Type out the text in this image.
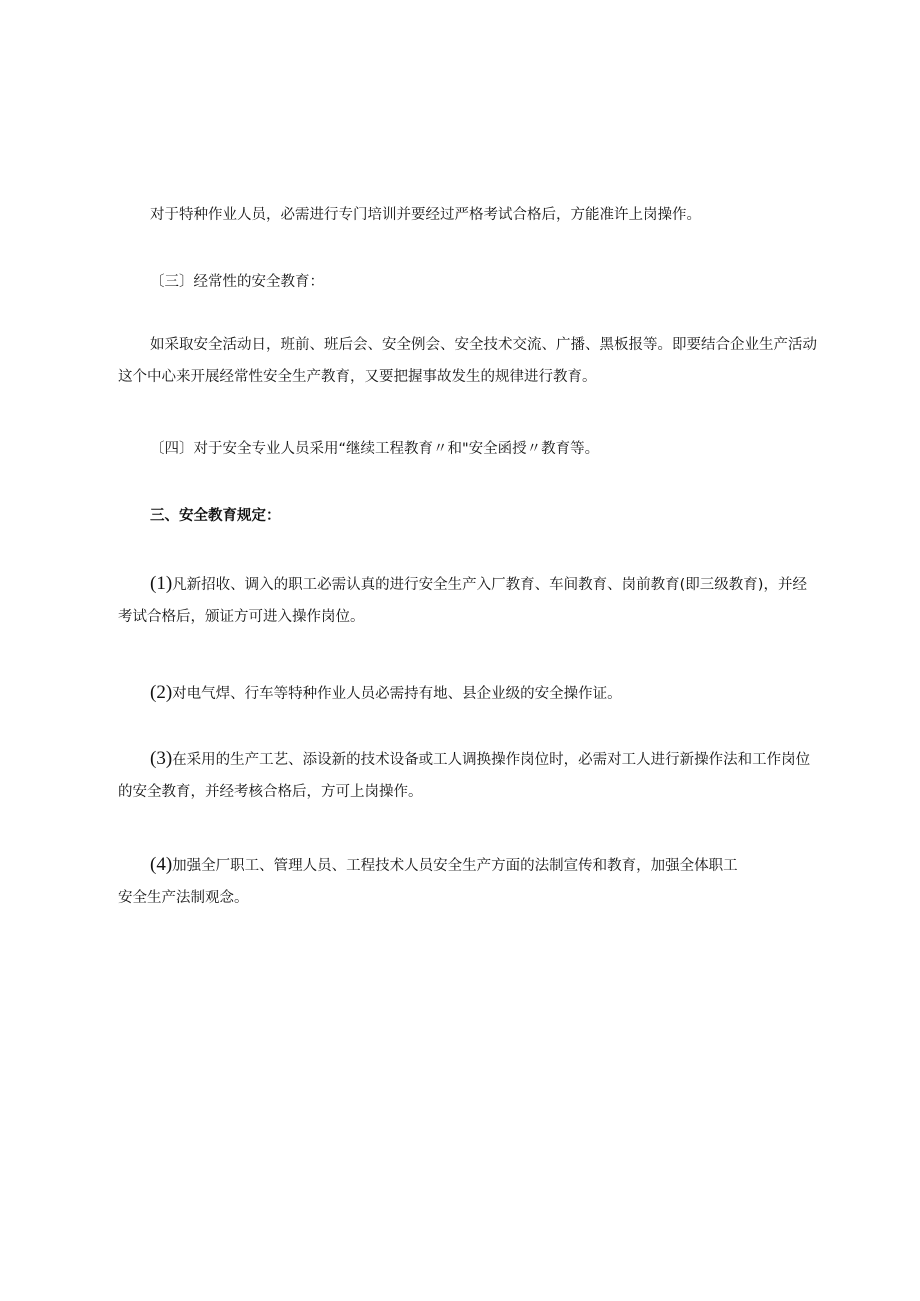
对于特种作业人员，必需进行专门培训并要经过严格考试合格后，方能准许上岗操作。

〔三〕经常性的安全教育：

如采取安全活动日，班前、班后会、安全例会、安全技术交流、广播、黑板报等。即要结合企业生产活动这个中心来开展经常性安全生产教育，又要把握事故发生的规律进行教育。

〔四〕对于安全专业人员采用“继续工程教育〃和"安全函授〃教育等。

三、安全教育规定：

(1)凡新招收、调入的职工必需认真的进行安全生产入厂教育、车间教育、岗前教育(即三级教育)，并经考试合格后，颁证方可进入操作岗位。

(2)对电气焊、行车等特种作业人员必需持有地、县企业级的安全操作证。

(3)在采用的生产工艺、添设新的技术设备或工人调换操作岗位时，必需对工人进行新操作法和工作岗位的安全教育，并经考核合格后，方可上岗操作。

(4)加强全厂职工、管理人员、工程技术人员安全生产方面的法制宣传和教育，加强全体职工安全生产法制观念。
